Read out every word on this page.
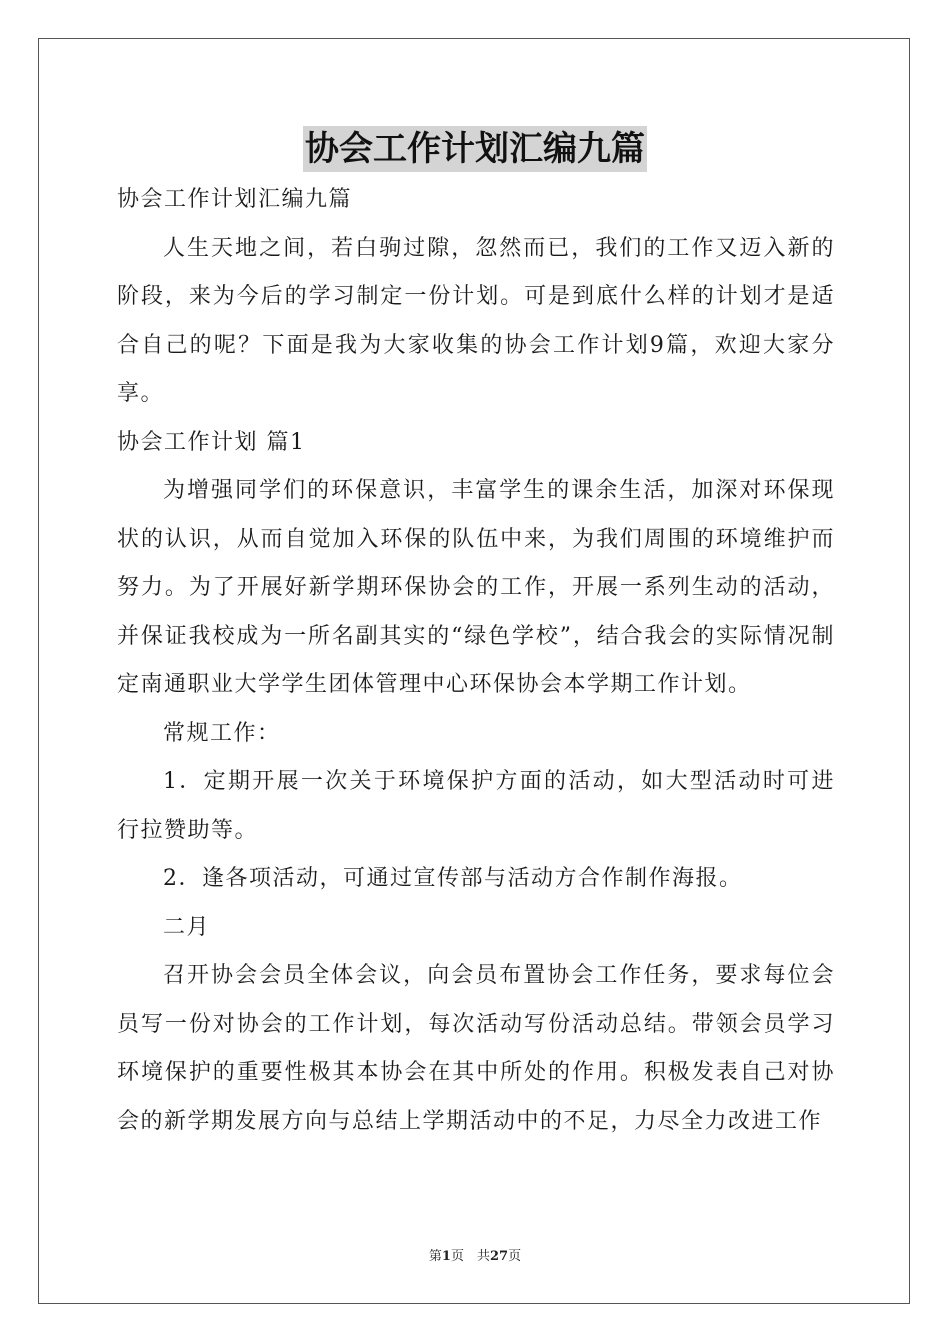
协会工作计划汇编九篇

协会工作计划汇编九篇

人生天地之间，若白驹过隙，忽然而已，我们的工作又迈入新的阶段，来为今后的学习制定一份计划。可是到底什么样的计划才是适合自己的呢？下面是我为大家收集的协会工作计划9篇，欢迎大家分享。

协会工作计划 篇1

为增强同学们的环保意识，丰富学生的课余生活，加深对环保现状的认识，从而自觉加入环保的队伍中来，为我们周围的环境维护而努力。为了开展好新学期环保协会的工作，开展一系列生动的活动，并保证我校成为一所名副其实的“绿色学校”，结合我会的实际情况制定南通职业大学学生团体管理中心环保协会本学期工作计划。

常规工作：

1．定期开展一次关于环境保护方面的活动，如大型活动时可进行拉赞助等。

2．逢各项活动，可通过宣传部与活动方合作制作海报。

二月

召开协会会员全体会议，向会员布置协会工作任务，要求每位会员写一份对协会的工作计划，每次活动写份活动总结。带领会员学习环境保护的重要性极其本协会在其中所处的作用。积极发表自己对协会的新学期发展方向与总结上学期活动中的不足，力尽全力改进工作

第1页　共27页
